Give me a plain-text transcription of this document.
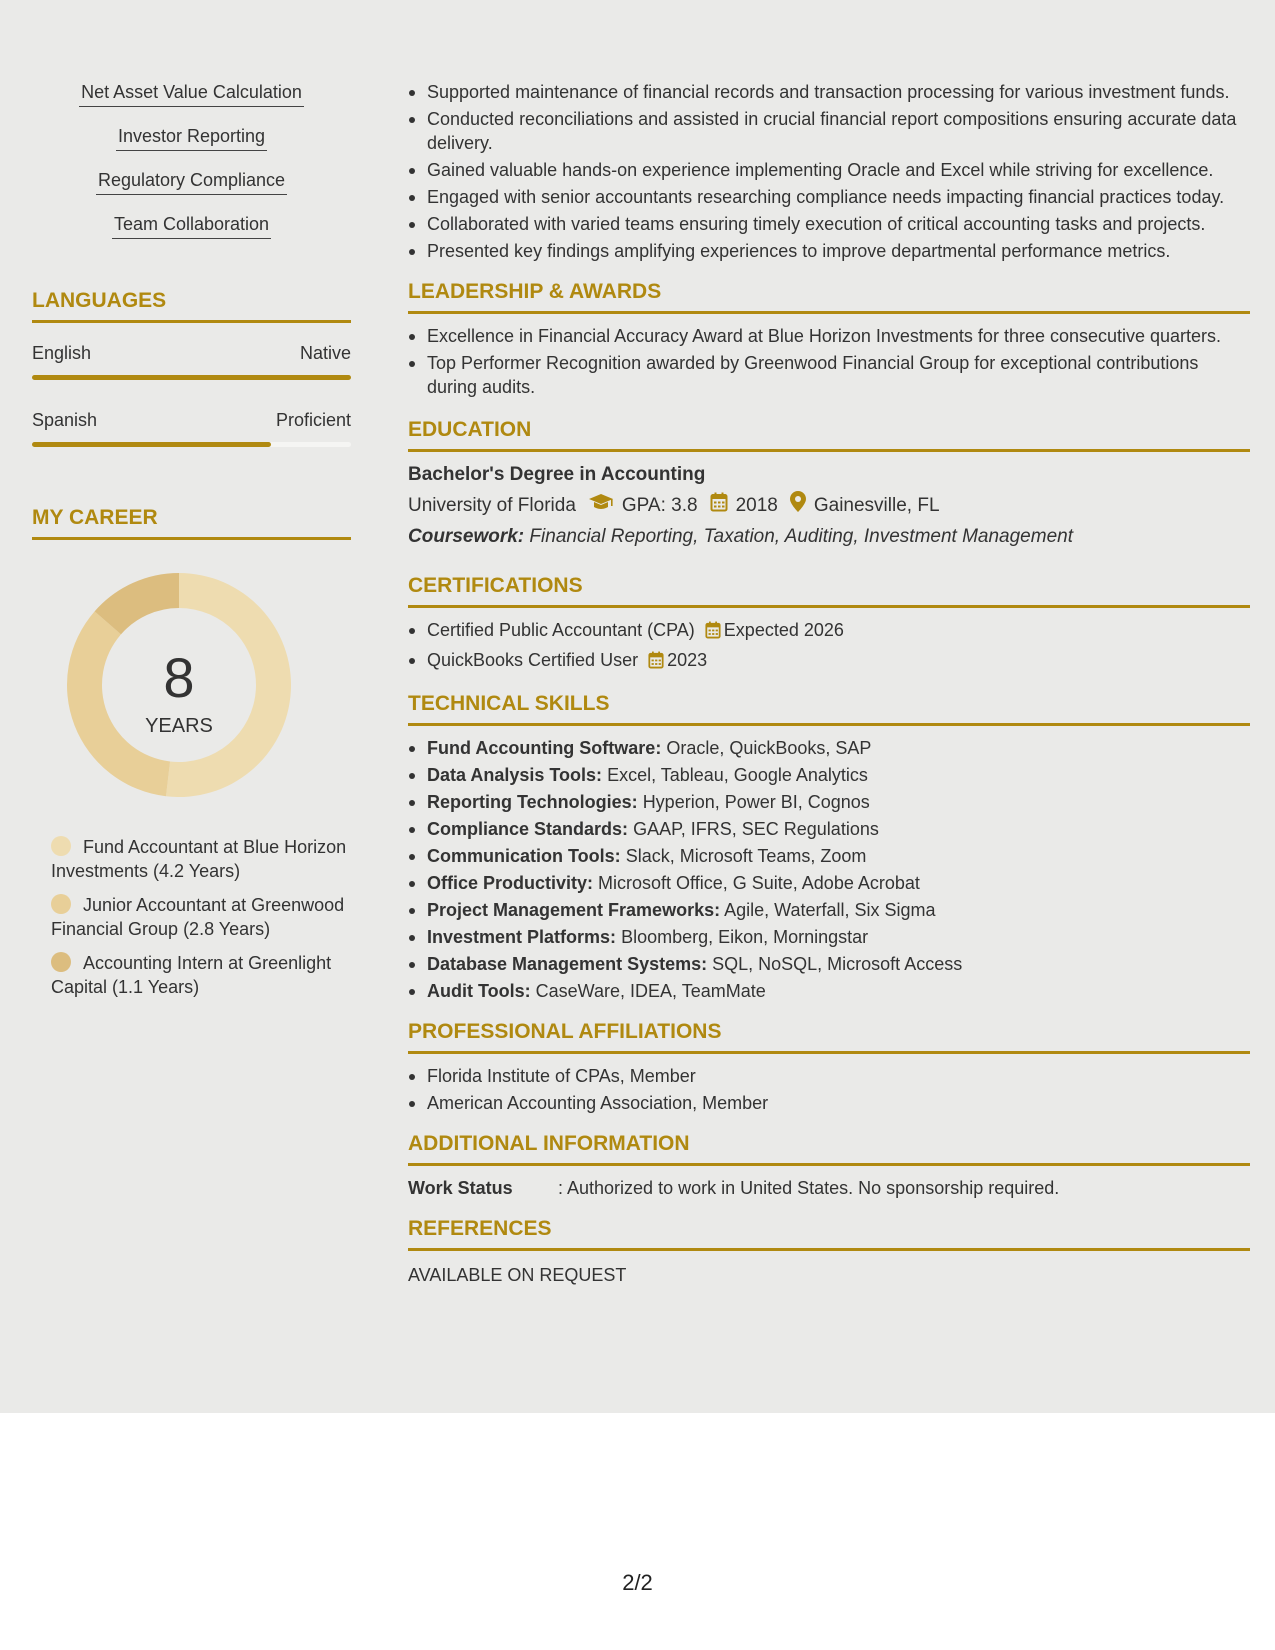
Net Asset Value Calculation
Investor Reporting
Regulatory Compliance
Team Collaboration
LANGUAGES
English	Native
Spanish	Proficient
MY CAREER
8
YEARS
Fund Accountant at Blue Horizon Investments (4.2 Years)
Junior Accountant at Greenwood Financial Group (2.8 Years)
Accounting Intern at Greenlight Capital (1.1 Years)
Supported maintenance of financial records and transaction processing for various investment funds.
Conducted reconciliations and assisted in crucial financial report compositions ensuring accurate data delivery.
Gained valuable hands-on experience implementing Oracle and Excel while striving for excellence.
Engaged with senior accountants researching compliance needs impacting financial practices today.
Collaborated with varied teams ensuring timely execution of critical accounting tasks and projects.
Presented key findings amplifying experiences to improve departmental performance metrics.
LEADERSHIP & AWARDS
Excellence in Financial Accuracy Award at Blue Horizon Investments for three consecutive quarters.
Top Performer Recognition awarded by Greenwood Financial Group for exceptional contributions during audits.
EDUCATION
Bachelor's Degree in Accounting
University of Florida GPA: 3.8 2018 Gainesville, FL
Coursework: Financial Reporting, Taxation, Auditing, Investment Management
CERTIFICATIONS
Certified Public Accountant (CPA) Expected 2026
QuickBooks Certified User 2023
TECHNICAL SKILLS
Fund Accounting Software: Oracle, QuickBooks, SAP
Data Analysis Tools: Excel, Tableau, Google Analytics
Reporting Technologies: Hyperion, Power BI, Cognos
Compliance Standards: GAAP, IFRS, SEC Regulations
Communication Tools: Slack, Microsoft Teams, Zoom
Office Productivity: Microsoft Office, G Suite, Adobe Acrobat
Project Management Frameworks: Agile, Waterfall, Six Sigma
Investment Platforms: Bloomberg, Eikon, Morningstar
Database Management Systems: SQL, NoSQL, Microsoft Access
Audit Tools: CaseWare, IDEA, TeamMate
PROFESSIONAL AFFILIATIONS
Florida Institute of CPAs, Member
American Accounting Association, Member
ADDITIONAL INFORMATION
Work Status	: Authorized to work in United States. No sponsorship required.
REFERENCES
AVAILABLE ON REQUEST
2/2
